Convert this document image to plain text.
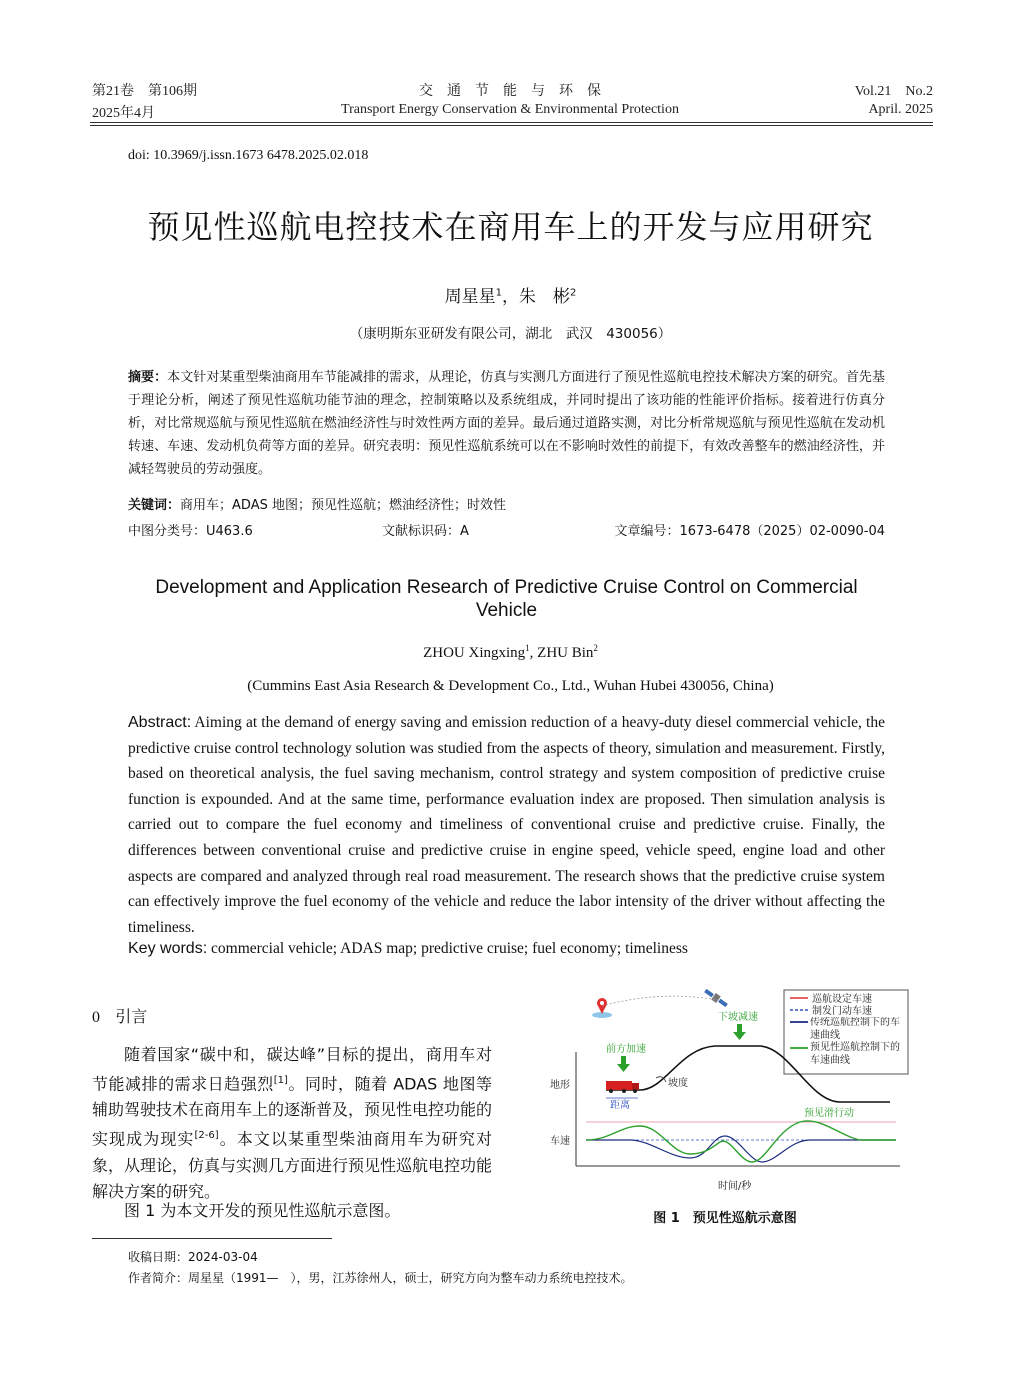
第21卷　第106期
2025年4月
交　通　节　能　与　环　保
Transport Energy Conservation & Environmental Protection
Vol.21　No.2
April. 2025
doi: 10.3969/j.issn.1673 6478.2025.02.018
预见性巡航电控技术在商用车上的开发与应用研究
周星星$^1$，朱　彬$^2$
（康明斯东亚研发有限公司，湖北　武汉　430056）
摘要：本文针对某重型柴油商用车节能减排的需求，从理论，仿真与实测几方面进行了预见性巡航电控技术解决方案的研究。首先基于理论分析，阐述了预见性巡航功能节油的理念，控制策略以及系统组成，并同时提出了该功能的性能评价指标。接着进行仿真分析，对比常规巡航与预见性巡航在燃油经济性与时效性两方面的差异。最后通过道路实测，对比分析常规巡航与预见性巡航在发动机转速、车速、发动机负荷等方面的差异。研究表明：预见性巡航系统可以在不影响时效性的前提下，有效改善整车的燃油经济性，并减轻驾驶员的劳动强度。
关键词：商用车；ADAS 地图；预见性巡航；燃油经济性；时效性
中图分类号：U463.6	文献标识码：A	文章编号：1673-6478（2025）02-0090-04
Development and Application Research of Predictive Cruise Control on Commercial Vehicle
ZHOU Xingxing$^1$, ZHU Bin$^2$
(Cummins East Asia Research & Development Co., Ltd., Wuhan Hubei 430056, China)
Abstract: Aiming at the demand of energy saving and emission reduction of a heavy-duty diesel commercial vehicle, the predictive cruise control technology solution was studied from the aspects of theory, simulation and measurement. Firstly, based on theoretical analysis, the fuel saving mechanism, control strategy and system composition of predictive cruise function is expounded. And at the same time, performance evaluation index are proposed. Then simulation analysis is carried out to compare the fuel economy and timeliness of conventional cruise and predictive cruise. Finally, the differences between conventional cruise and predictive cruise in engine speed, vehicle speed, engine load and other aspects are compared and analyzed through real road measurement. The research shows that the predictive cruise system can effectively improve the fuel economy of the vehicle and reduce the labor intensity of the driver without affecting the timeliness.
Key words: commercial vehicle; ADAS map; predictive cruise; fuel economy; timeliness
0 引言
随着国家“碳中和，碳达峰”目标的提出，商用车对节能减排的需求日趋强烈[1]。同时，随着 ADAS 地图等辅助驾驶技术在商用车上的逐渐普及，预见性电控功能的实现成为现实[2-6]。本文以某重型柴油商用车为研究对象，从理论，仿真与实测几方面进行预见性巡航电控功能解决方案的研究。
图 1 为本文开发的预见性巡航示意图。
巡航设定车速
制发门动车速
传统巡航控制下的车速曲线
预见性巡航控制下的车速曲线
地形
车速
时间/秒
前方加速
下坡减速
坡度
距离
预见滑行动
图 1　预见性巡航示意图
收稿日期：2024-03-04
作者简介：周星星（1991—　），男，江苏徐州人，硕士，研究方向为整车动力系统电控技术。
